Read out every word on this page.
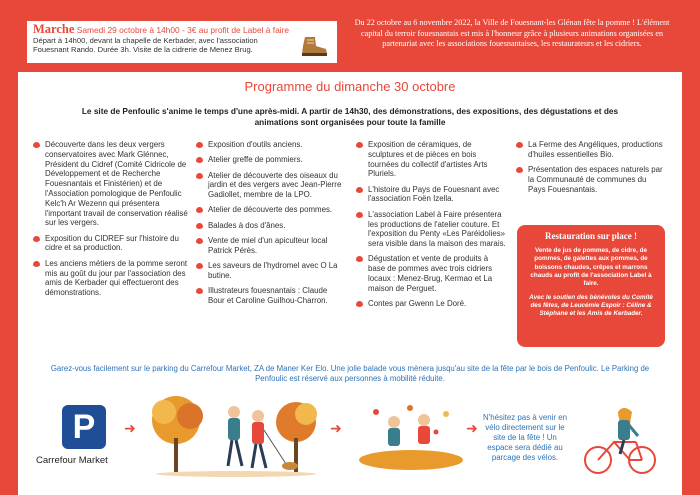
Marche Samedi 29 octobre à 14h00 - 3€ au profit de Label à faire
Départ à 14h00, devant la chapelle de Kerbader, avec l'association Fouesnant Rando. Durée 3h. Visite de la cidrerie de Menez Brug.
Du 22 octobre au 6 novembre 2022, la Ville de Fouesnant-les Glénan fête la pomme ! L'élément capital du terroir fouesnantais est mis à l'honneur grâce à plusieurs animations organisées en partenariat avec les associations fouesnantaises, les restaurateurs et les cidriers.
Programme du dimanche 30 octobre
Le site de Penfoulic s'anime le temps d'une après-midi. A partir de 14h30, des démonstrations, des expositions, des dégustations et des animations sont organisées pour toute la famille
Découverte dans les deux vergers conservatoires avec Mark Glénnec, Président du Cidref (Comité Cidricole de Développement et de Recherche Fouesnantais et Finistérien) et de l'Association pomologique de Penfoulic Kelc'h Ar Wezenn qui présentera l'important travail de conservation réalisé sur les vergers.
Exposition du CIDREF sur l'histoire du cidre et sa production.
Les anciens métiers de la pomme seront mis au goût du jour par l'association des amis de Kerbader qui effectueront des démonstrations.
Exposition d'outils anciens.
Atelier greffe de pommiers.
Atelier de découverte des oiseaux du jardin et des vergers avec Jean-Pierre Gadiollet, membre de la LPO.
Atelier de découverte des pommes.
Balades à dos d'ânes.
Vente de miel d'un apiculteur local Patrick Pérès.
Les saveurs de l'hydromel avec O La butine.
Illustrateurs fouesnantais : Claude Bour et Caroline Guilhou-Charron.
Exposition de céramiques, de sculptures et de pièces en bois tournées du collectif d'artistes Arts Pluriels.
L'histoire du Pays de Fouesnant avec l'association Foën Izella.
L'association Label à Faire présentera les productions de l'atelier couture. Et l'exposition du Penty «Les Paréidolies» sera visible dans la maison des marais.
Dégustation et vente de produits à base de pommes avec trois cidriers locaux : Menez-Brug, Kermao et La maison de Perguet.
Contes par Gwenn Le Doré.
La Ferme des Angéliques, productions d'huiles essentielles Bio.
Présentation des espaces naturels par la Communauté de communes du Pays Fouesnantais.
Restauration sur place !
Vente de jus de pommes, de cidre, de pommes, de galettes aux pommes, de boissons chaudes, crêpes et marrons chauds au profit de l'association Label à faire.
Avec le soutien des bénévoles du Comité des fêtes, de Leucémie Espoir : Céline & Stéphane et les Amis de Kerbader.
Garez-vous facilement sur le parking du Carrefour Market, ZA de Maner Ker Elo. Une jolie balade vous mènera jusqu'au site de la fête par le bois de Penfoulic. Le Parking de Penfoulic est réservé aux personnes à mobilité réduite.
P
Carrefour Market
➜	➜	➜
N'hésitez pas à venir en vélo directement sur le site de la fête ! Un espace sera dédié au parcage des vélos.
